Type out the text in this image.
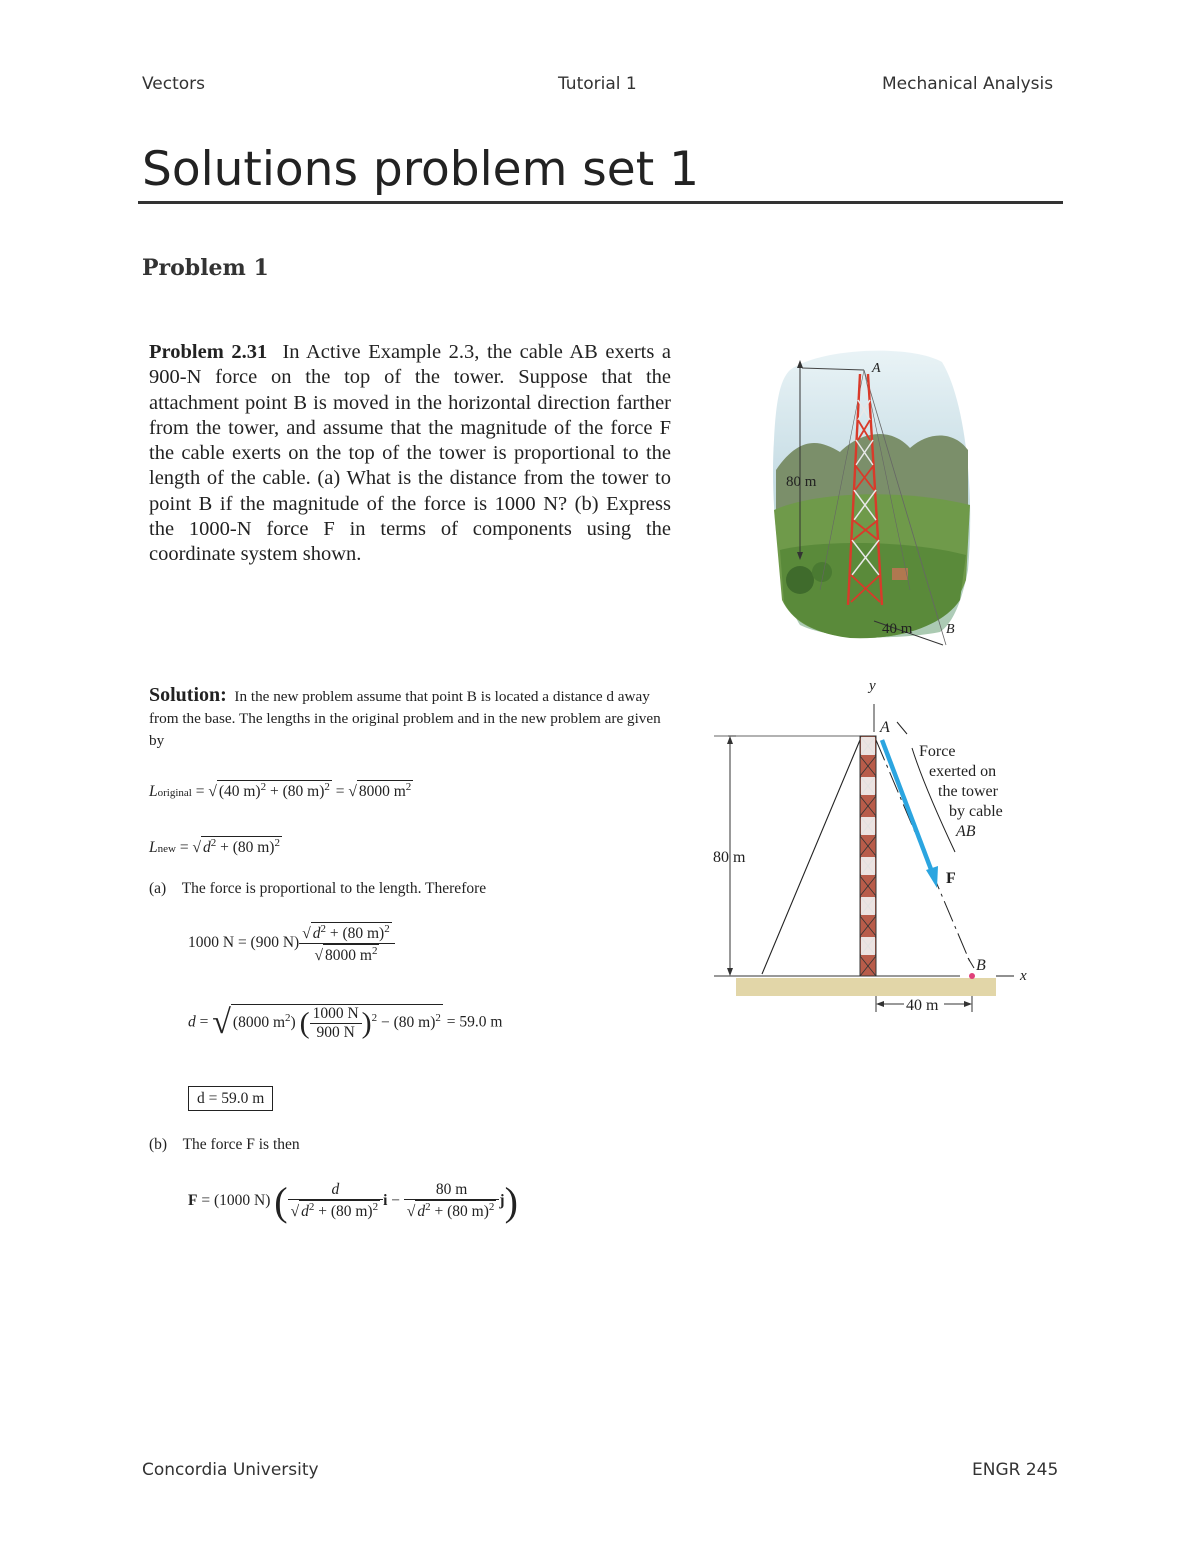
Vectors	Tutorial 1	Mechanical Analysis
Solutions problem set 1
Problem 1
Problem 2.31 In Active Example 2.3, the cable AB exerts a 900-N force on the top of the tower. Suppose that the attachment point B is moved in the horizontal direction farther from the tower, and assume that the magnitude of the force F the cable exerts on the top of the tower is proportional to the length of the cable. (a) What is the distance from the tower to point B if the magnitude of the force is 1000 N? (b) Express the 1000-N force F in terms of components using the coordinate system shown.
A
80 m
40 m B
80 m
y
F
A
Force
exerted on
the tower
by cable
AB
B
x
40 m
Solution: In the new problem assume that point B is located a distance d away from the base. The lengths in the original problem and in the new problem are given by
Loriginal = √ (40 m)$^2$ + (80 m)$^2$ = √ 8000 $m^2$
Lnew = √ $d^2 + (80$ m)$^2$
(a) The force is proportional to the length. Therefore
1000 N = (900 $N) \frac{√ d^2 + (80 m)^2}{√ 8000 m^2}$
d = √ (8000 $m^2$) ( $\frac{1000 N}{900 N} )^2 - (80$ m)$^2$ = 59.0 m
d = 59.0 m
(b) The force F is then
F = (1000 N) ( $\frac{d}{√ d^2 + (80 m)^2}$ $i - \frac{80 m}{√ d^2 + (80 m)^2} j$)
Concordia University	ENGR 245
